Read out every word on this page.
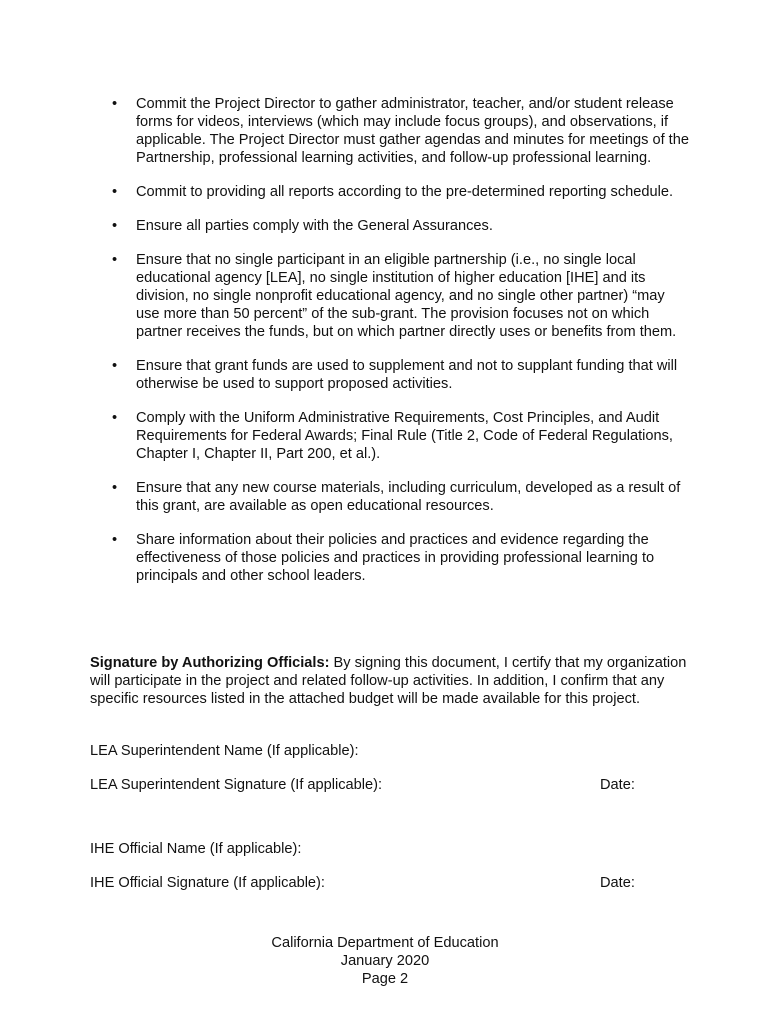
• Commit the Project Director to gather administrator, teacher, and/or student release forms for videos, interviews (which may include focus groups), and observations, if applicable. The Project Director must gather agendas and minutes for meetings of the Partnership, professional learning activities, and follow-up professional learning.
• Commit to providing all reports according to the pre-determined reporting schedule.
• Ensure all parties comply with the General Assurances.
• Ensure that no single participant in an eligible partnership (i.e., no single local educational agency [LEA], no single institution of higher education [IHE] and its division, no single nonprofit educational agency, and no single other partner) “may use more than 50 percent” of the sub-grant. The provision focuses not on which partner receives the funds, but on which partner directly uses or benefits from them.
• Ensure that grant funds are used to supplement and not to supplant funding that will otherwise be used to support proposed activities.
• Comply with the Uniform Administrative Requirements, Cost Principles, and Audit Requirements for Federal Awards; Final Rule (Title 2, Code of Federal Regulations, Chapter I, Chapter II, Part 200, et al.).
• Ensure that any new course materials, including curriculum, developed as a result of this grant, are available as open educational resources.
• Share information about their policies and practices and evidence regarding the effectiveness of those policies and practices in providing professional learning to principals and other school leaders.
Signature by Authorizing Officials: By signing this document, I certify that my organization will participate in the project and related follow-up activities. In addition, I confirm that any specific resources listed in the attached budget will be made available for this project.
LEA Superintendent Name (If applicable):
LEA Superintendent Signature (If applicable):	Date:
IHE Official Name (If applicable):
IHE Official Signature (If applicable):	Date:
California Department of Education
January 2020
Page 2
